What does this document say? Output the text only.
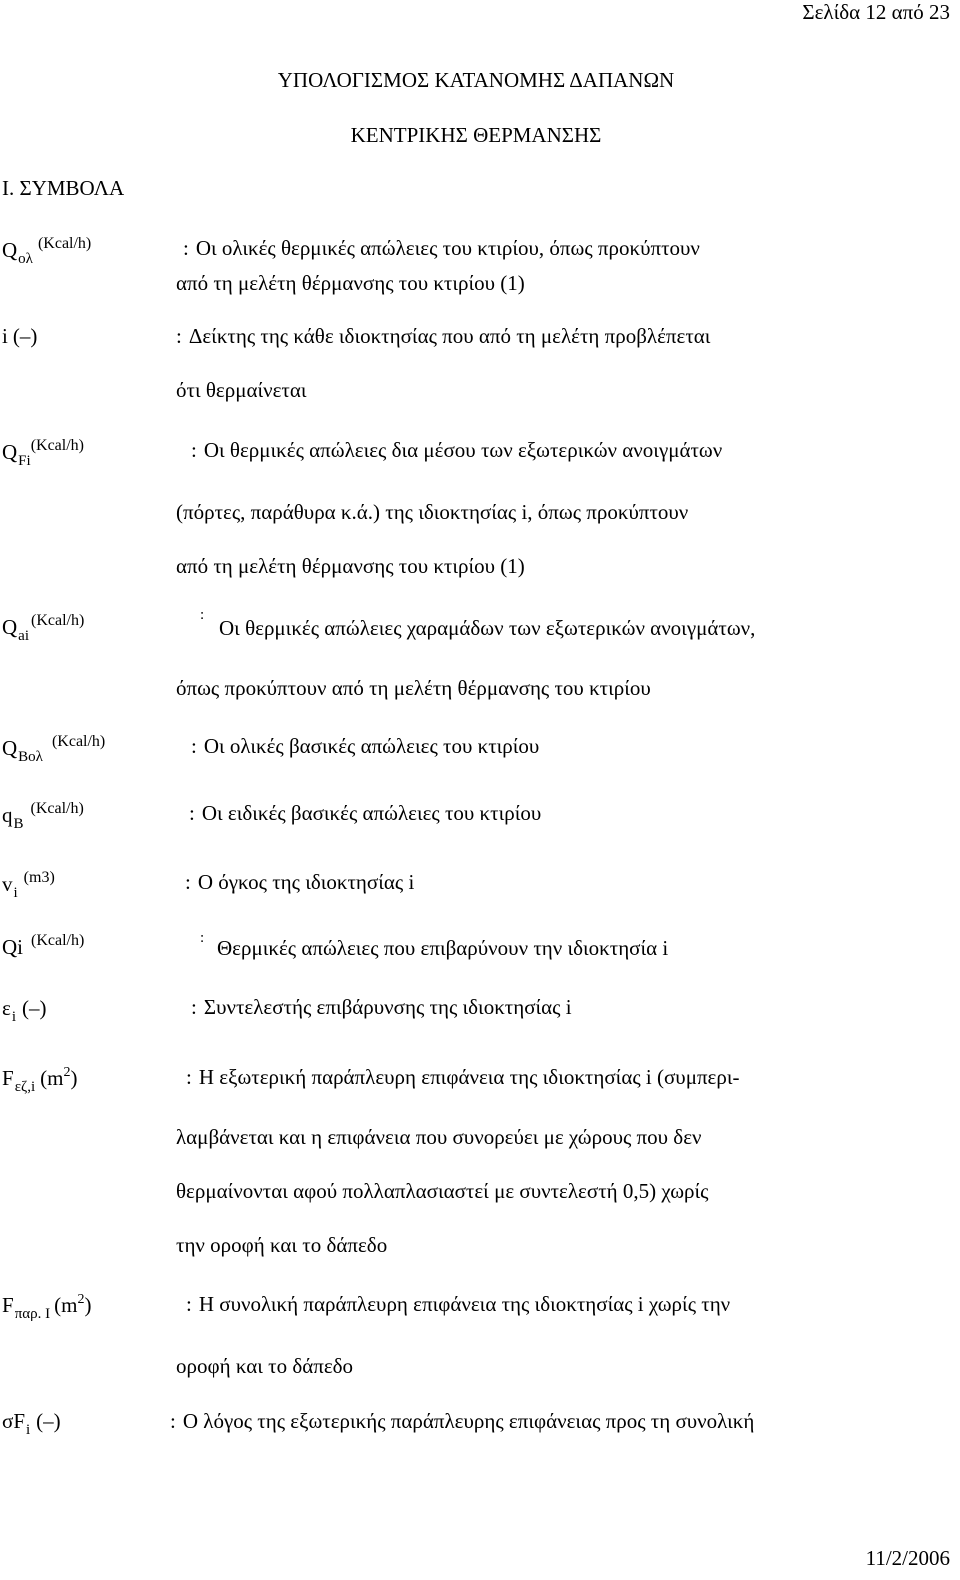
Σελίδα 12 από 23
ΥΠΟΛΟΓΙΣΜΟΣ ΚΑΤΑΝΟΜΗΣ ΔΑΠΑΝΩΝ
ΚΕΝΤΡΙΚΗΣ ΘΕΡΜΑΝΣΗΣ
I. ΣΥΜΒΟΛΑ
$Q_{o\lambda}^{(Kcal/h)}$	: Οι ολικές θερμικές απώλειες του κτιρίου, όπως προκύπτουν
από τη μελέτη θέρμανσης του κτιρίου (1)
i (–)	: Δείκτης της κάθε ιδιοκτησίας που από τη μελέτη προβλέπεται
ότι θερμαίνεται
$Q_{Fi}^{(Kcal/h)}$	: Οι θερμικές απώλειες δια μέσου των εξωτερικών ανοιγμάτων
(πόρτες, παράθυρα κ.ά.) της ιδιοκτησίας i, όπως προκύπτουν
από τη μελέτη θέρμανσης του κτιρίου (1)
$Q_{ai}^{(Kcal/h)}$	:
Οι θερμικές απώλειες χαραμάδων των εξωτερικών ανοιγμάτων,
όπως προκύπτουν από τη μελέτη θέρμανσης του κτιρίου
$Q_{Bo\lambda}^{(Kcal/h)}$	: Οι ολικές βασικές απώλειες του κτιρίου
$q_B^{(Kcal/h)}$	: Οι ειδικές βασικές απώλειες του κτιρίου
$v_i^{(m3)}$	: Ο όγκος της ιδιοκτησίας i
Qi $^{(Kcal/h)}$	: Θερμικές απώλειες που επιβαρύνουν την ιδιοκτησία i
$\varepsilon_i$ (–)	: Συντελεστής επιβάρυνσης της ιδιοκτησίας i
$F_{\varepsilon\zeta,i}$ $(m^2)$	: Η εξωτερική παράπλευρη επιφάνεια της ιδιοκτησίας i (συμπερι-
λαμβάνεται και η επιφάνεια που συνορεύει με χώρους που δεν
θερμαίνονται αφού πολλαπλασιαστεί με συντελεστή 0,5) χωρίς
την οροφή και το δάπεδο
$F_{\pi\alpha\rho. I}$ $(m^2)$	: Η συνολική παράπλευρη επιφάνεια της ιδιοκτησίας i χωρίς την
οροφή και το δάπεδο
$\sigma F_i$ (–)	: Ο λόγος της εξωτερικής παράπλευρης επιφάνειας προς τη συνολική
11/2/2006
